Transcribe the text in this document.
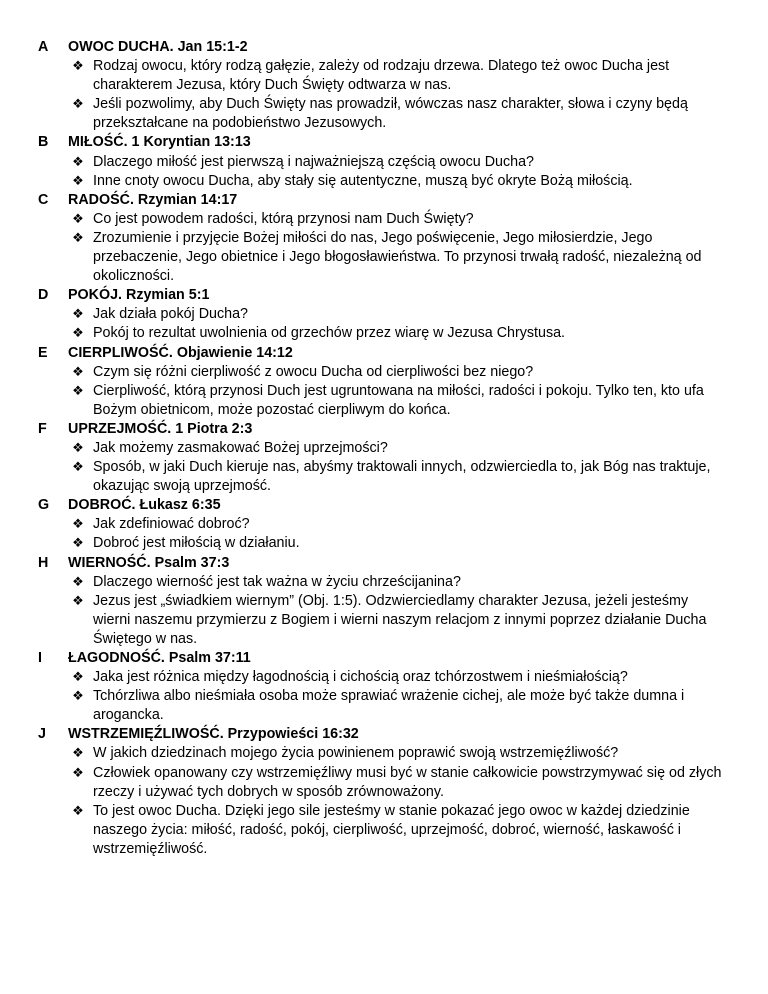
A	OWOC DUCHA. Jan 15:1-2
❖ Rodzaj owocu, który rodzą gałęzie, zależy od rodzaju drzewa. Dlatego też owoc Ducha jest charakterem Jezusa, który Duch Święty odtwarza w nas.
❖ Jeśli pozwolimy, aby Duch Święty nas prowadził, wówczas nasz charakter, słowa i czyny będą przekształcane na podobieństwo Jezusowych.
B	MIŁOŚĆ. 1 Koryntian 13:13
❖ Dlaczego miłość jest pierwszą i najważniejszą częścią owocu Ducha?
❖ Inne cnoty owocu Ducha, aby stały się autentyczne, muszą być okryte Bożą miłością.
C	RADOŚĆ. Rzymian 14:17
❖ Co jest powodem radości, którą przynosi nam Duch Święty?
❖ Zrozumienie i przyjęcie Bożej miłości do nas, Jego poświęcenie, Jego miłosierdzie, Jego przebaczenie, Jego obietnice i Jego błogosławieństwa. To przynosi trwałą radość, niezależną od okoliczności.
D	POKÓJ. Rzymian 5:1
❖ Jak działa pokój Ducha?
❖ Pokój to rezultat uwolnienia od grzechów przez wiarę w Jezusa Chrystusa.
E	CIERPLIWOŚĆ. Objawienie 14:12
❖ Czym się różni cierpliwość z owocu Ducha od cierpliwości bez niego?
❖ Cierpliwość, którą przynosi Duch jest ugruntowana na miłości, radości i pokoju. Tylko ten, kto ufa Bożym obietnicom, może pozostać cierpliwym do końca.
F	UPRZEJMOŚĆ. 1 Piotra 2:3
❖ Jak możemy zasmakować Bożej uprzejmości?
❖ Sposób, w jaki Duch kieruje nas, abyśmy traktowali innych, odzwierciedla to, jak Bóg nas traktuje, okazując swoją uprzejmość.
G	DOBROĆ. Łukasz 6:35
❖ Jak zdefiniować dobroć?
❖ Dobroć jest miłością w działaniu.
H	WIERNOŚĆ. Psalm 37:3
❖ Dlaczego wierność jest tak ważna w życiu chrześcijanina?
❖ Jezus jest „świadkiem wiernym” (Obj. 1:5). Odzwierciedlamy charakter Jezusa, jeżeli jesteśmy wierni naszemu przymierzu z Bogiem i wierni naszym relacjom z innymi poprzez działanie Ducha Świętego w nas.
I	ŁAGODNOŚĆ. Psalm 37:11
❖ Jaka jest różnica między łagodnością i cichością oraz tchórzostwem i nieśmiałością?
❖ Tchórzliwa albo nieśmiała osoba może sprawiać wrażenie cichej, ale może być także dumna i arogancka.
J	WSTRZEMIĘŹLIWOŚĆ. Przypowieści 16:32
❖ W jakich dziedzinach mojego życia powinienem poprawić swoją wstrzemięźliwość?
❖ Człowiek opanowany czy wstrzemięźliwy musi być w stanie całkowicie powstrzymywać się od złych rzeczy i używać tych dobrych w sposób zrównoważony.
❖ To jest owoc Ducha. Dzięki jego sile jesteśmy w stanie pokazać jego owoc w każdej dziedzinie naszego życia: miłość, radość, pokój, cierpliwość, uprzejmość, dobroć, wierność, łaskawość i wstrzemięźliwość.
